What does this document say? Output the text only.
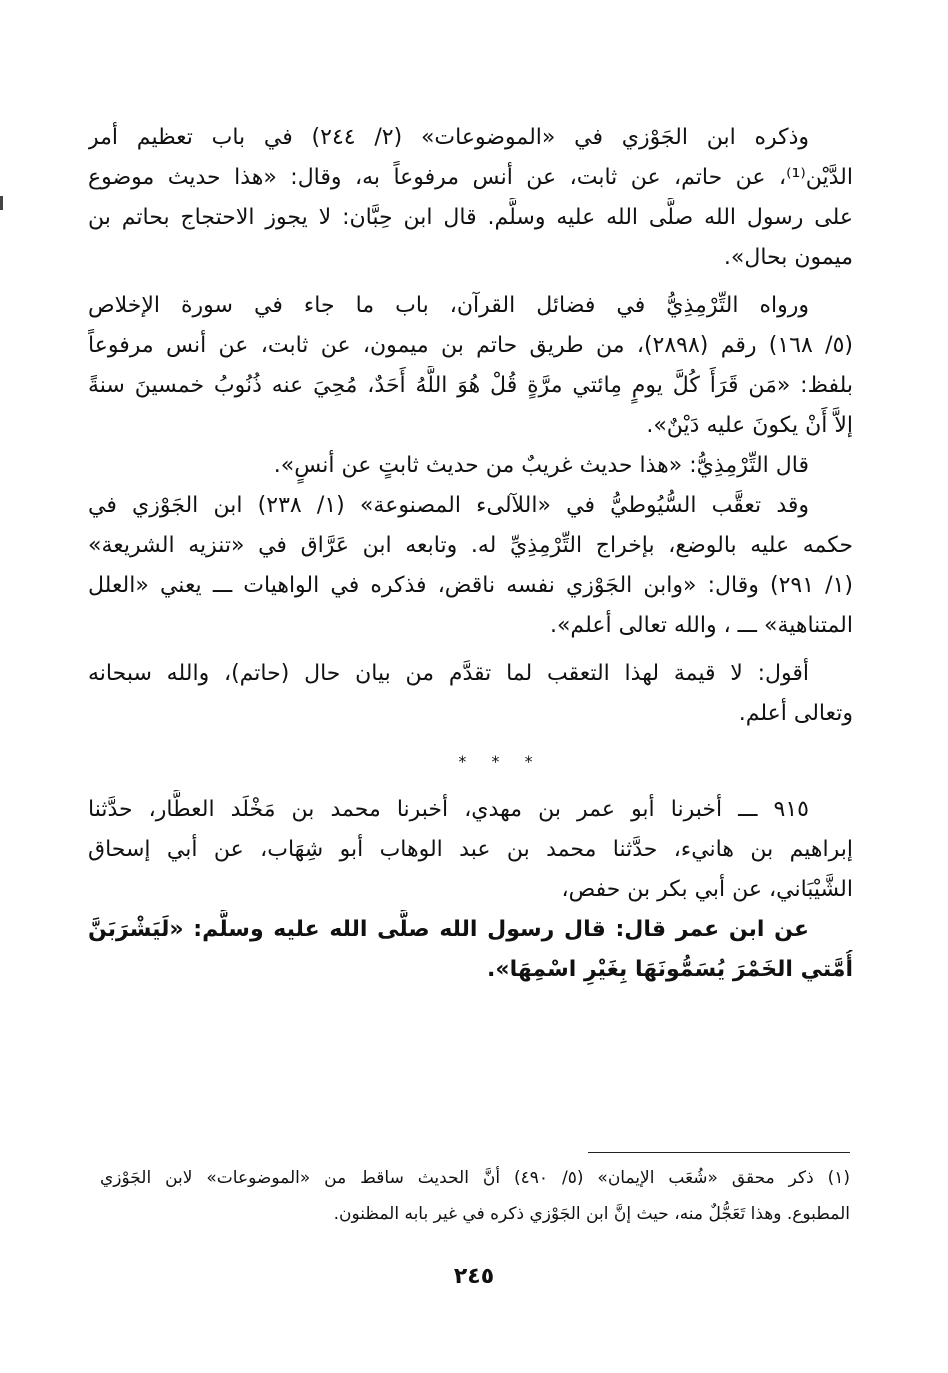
وذكره ابن الجَوْزي في «الموضوعات» (٢/ ٢٤٤) في باب تعظيم أمر
الدَّيْن⁽¹⁾، عن حاتم، عن ثابت، عن أنس مرفوعاً به، وقال: «هذا حديث موضوع
على رسول الله صلَّى الله عليه وسلَّم. قال ابن حِبَّان: لا يجوز الاحتجاج بحاتم بن
ميمون بحال».
ورواه التِّرْمِذِيُّ في فضائل القرآن، باب ما جاء في سورة الإخلاص
(٥/ ١٦٨) رقم (٢٨٩٨)، من طريق حاتم بن ميمون، عن ثابت، عن أنس مرفوعاً
بلفظ: «مَن قَرَأَ كُلَّ يومٍ مِائتي مرَّةٍ قُلْ هُوَ اللَّهُ أَحَدٌ، مُحِيَ عنه ذُنُوبُ خمسينَ سنةً
إلاَّ أَنْ يكونَ عليه دَيْنٌ».
قال التِّرْمِذِيُّ: «هذا حديث غريبٌ من حديث ثابتٍ عن أنسٍ».
وقد تعقَّب السُّيُوطيُّ في «اللآلىء المصنوعة» (١/ ٢٣٨) ابن الجَوْزي في
حكمه عليه بالوضع، بإخراج التِّرْمِذِيِّ له. وتابعه ابن عَرَّاق في «تنزيه الشريعة»
(١/ ٢٩١) وقال: «وابن الجَوْزي نفسه ناقض، فذكره في الواهيات ـــ يعني «العلل
المتناهية» ـــ ، والله تعالى أعلم».
أقول: لا قيمة لهذا التعقب لما تقدَّم من بيان حال (حاتم)، والله سبحانه
وتعالى أعلم.
* * *
٩١٥ ـــ أخبرنا أبو عمر بن مهدي، أخبرنا محمد بن مَخْلَد العطَّار، حدَّثنا
إبراهيم بن هانيء، حدَّثنا محمد بن عبد الوهاب أبو شِهَاب، عن أبي إسحاق
الشَّيْبَاني، عن أبي بكر بن حفص،
عن ابن عمر قال: قال رسول الله صلَّى الله عليه وسلَّم: «لَيَشْرَبَنَّ
أُمَّتي الخَمْرَ يُسَمُّونَهَا بِغَيْرِ اسْمِهَا».
(١) ذكر محقق «شُعَب الإيمان» (٥/ ٤٩٠) أنَّ الحديث ساقط من «الموضوعات» لابن الجَوْزي
المطبوع. وهذا تَعَجُّلٌ منه، حيث إنَّ ابن الجَوْزي ذكره في غير بابه المظنون.
٢٤٥
